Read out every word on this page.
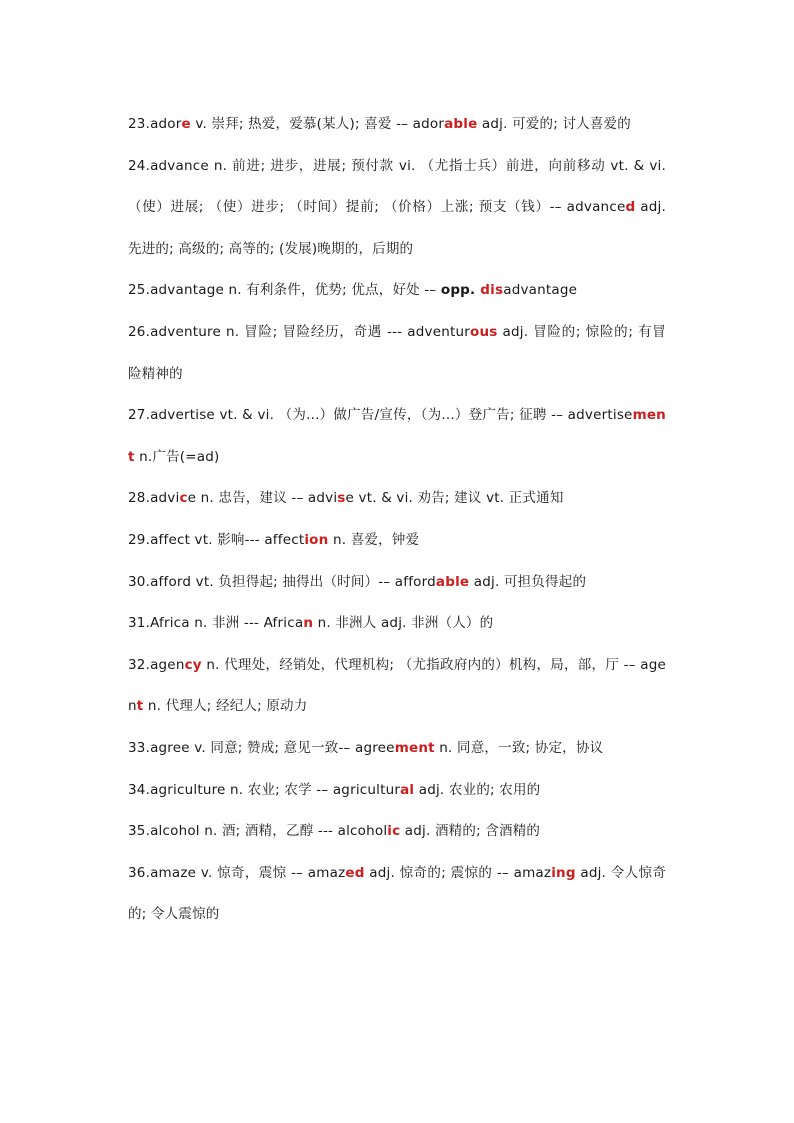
23.adore v. 崇拜; 热爱，爱慕(某人); 喜爱 -– adorable adj. 可爱的; 讨人喜爱的

24.advance n. 前进; 进步，进展; 预付款 vi. （尤指士兵）前进，向前移动 vt. & vi. （使）进展; （使）进步; （时间）提前; （价格）上涨; 预支（钱）-– advanced adj. 先进的; 高级的; 高等的; (发展)晚期的，后期的

25.advantage n. 有利条件，优势; 优点，好处 -– opp. disadvantage

26.adventure n. 冒险; 冒险经历，奇遇 --- adventurous adj. 冒险的; 惊险的; 有冒险精神的

27.advertise vt. & vi. （为...）做广告/宣传，（为...）登广告; 征聘 -– advertisement n.广告(=ad)

28.advice n. 忠告，建议 -– advise vt. & vi. 劝告; 建议 vt. 正式通知

29.affect vt. 影响--- affection n. 喜爱，钟爱

30.afford vt. 负担得起; 抽得出（时间）-– affordable adj. 可担负得起的

31.Africa n. 非洲 --- African n. 非洲人 adj. 非洲（人）的

32.agency n. 代理处，经销处，代理机构; （尤指政府内的）机构，局，部，厅 -– agent n. 代理人; 经纪人; 原动力

33.agree v. 同意; 赞成; 意见一致-– agreement n. 同意，一致; 协定，协议

34.agriculture n. 农业; 农学 -– agricultural adj. 农业的; 农用的

35.alcohol n. 酒; 酒精，乙醇 --- alcoholic adj. 酒精的; 含酒精的

36.amaze v. 惊奇，震惊 -– amazed adj. 惊奇的; 震惊的 -– amazing adj. 令人惊奇的; 令人震惊的
